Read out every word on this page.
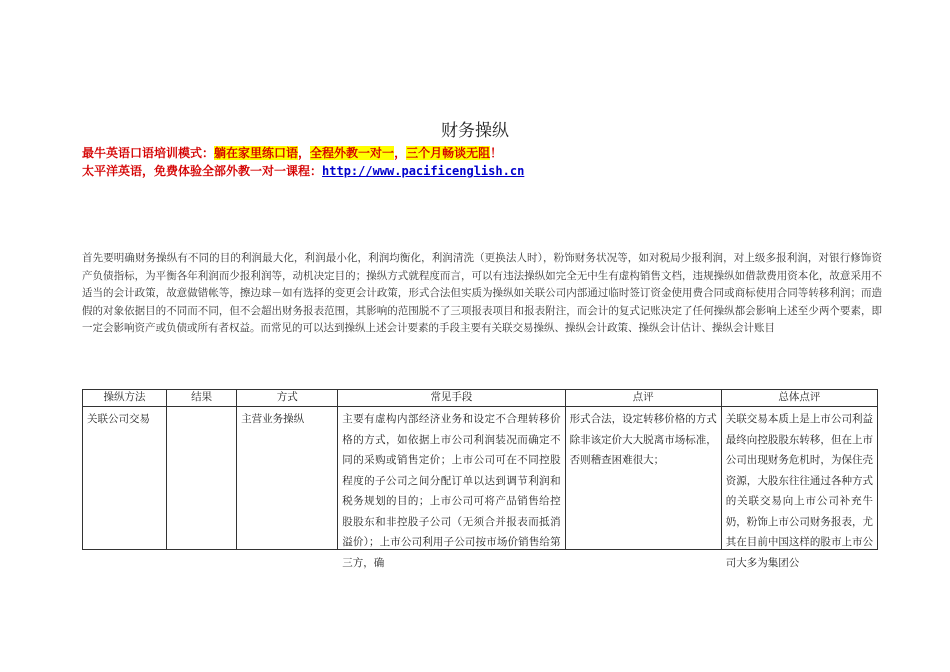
财务操纵
最牛英语口语培训模式：躺在家里练口语，全程外教一对一，三个月畅谈无阻！
太平洋英语，免费体验全部外教一对一课程：http://www.pacificenglish.cn
首先要明确财务操纵有不同的目的利润最大化，利润最小化，利润均衡化，利润清洗（更换法人时），粉饰财务状况等，如对税局少报利润，对上级多报利润，对银行修饰资产负债指标，为平衡各年利润而少报利润等，动机决定目的；操纵方式就程度而言，可以有违法操纵如完全无中生有虚构销售文档，违规操纵如借款费用资本化，故意采用不适当的会计政策，故意做错帐等，擦边球－如有选择的变更会计政策，形式合法但实质为操纵如关联公司内部通过临时签订资金使用费合同或商标使用合同等转移利润；而造假的对象依据目的不同而不同，但不会超出财务报表范围，其影响的范围脱不了三项报表项目和报表附注，而会计的复式记账决定了任何操纵都会影响上述至少两个要素，即一定会影响资产或负债或所有者权益。而常见的可以达到操纵上述会计要素的手段主要有关联交易操纵、操纵会计政策、操纵会计估计、操纵会计账目
操纵方法	结果	方式	常见手段	点评	总体点评

关联公司交易		主营业务操纵	主要有虚构内部经济业务和设定不合理转移价格的方式，如依据上市公司利润装况而确定不同的采购或销售定价；上市公司可在不同控股程度的子公司之间分配订单以达到调节利润和税务规划的目的；上市公司可将产品销售给控股股东和非控股子公司（无须合并报表而抵消溢价）；上市公司利用子公司按市场价销售给第三方，确	形式合法，设定转移价格的方式除非该定价大大脱离市场标准，否则稽查困难很大；	关联交易本质上是上市公司利益最终向控股股东转移，但在上市公司出现财务危机时，为保住壳资源，大股东往往通过各种方式的关联交易向上市公司补充牛奶，粉饰上市公司财务报表，尤其在目前中国这样的股市上市公司大多为集团公
